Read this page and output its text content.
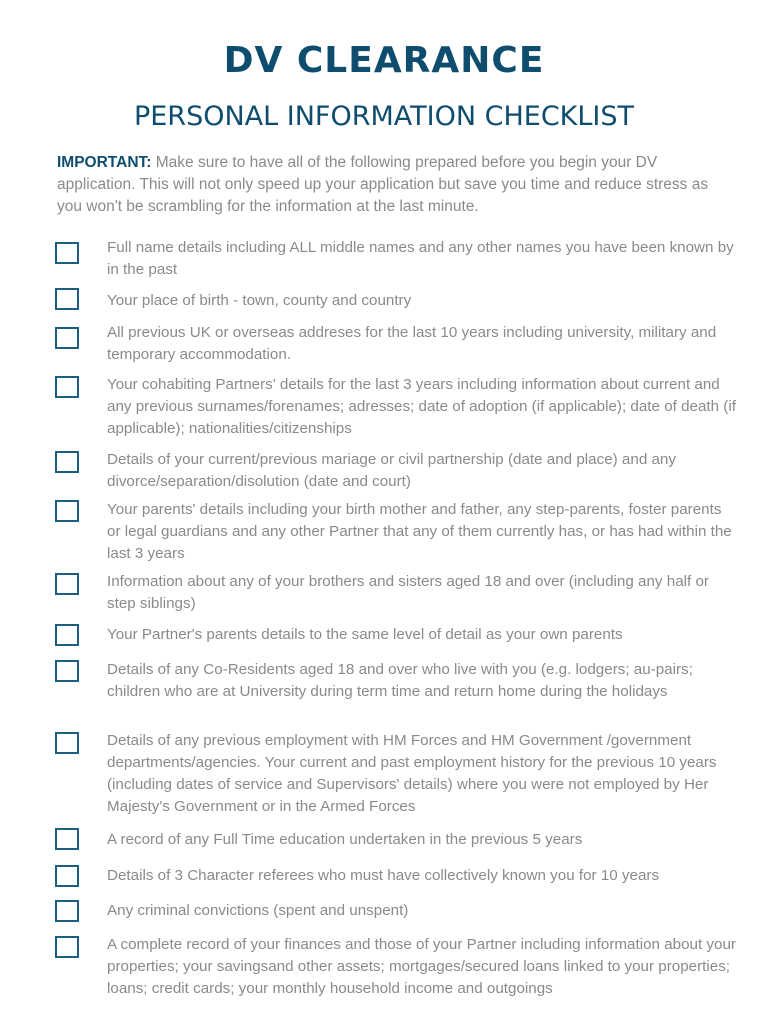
DV CLEARANCE
PERSONAL INFORMATION CHECKLIST
IMPORTANT: Make sure to have all of the following prepared before you begin your DV application. This will not only speed up your application but save you time and reduce stress as you won't be scrambling for the information at the last minute.
Full name details including ALL middle names and any other names you have been known by in the past
Your place of birth - town, county and country
All previous UK or overseas addreses for the last 10 years including university, military and temporary accommodation.
Your cohabiting Partners' details for the last 3 years including information about current and any previous surnames/forenames; adresses; date of adoption (if applicable); date of death (if applicable); nationalities/citizenships
Details of your current/previous mariage or civil partnership (date and place) and any divorce/separation/disolution (date and court)
Your parents' details including your birth mother and father, any step-parents, foster parents or legal guardians and any other Partner that any of them currently has, or has had within the last 3 years
Information about any of your brothers and sisters aged 18 and over (including any half or step siblings)
Your Partner's parents details to the same level of detail as your own parents
Details of any Co-Residents aged 18 and over who live with you (e.g. lodgers; au-pairs; children who are at University during term time and return home during the holidays
Details of any previous employment with HM Forces and HM Government /government departments/agencies. Your current and past employment history for the previous 10 years (including dates of service and Supervisors' details) where you were not employed by Her Majesty's Government or in the Armed Forces
A record of any Full Time education undertaken in the previous 5 years
Details of 3 Character referees who must have collectively known you for 10 years
Any criminal convictions (spent and unspent)
A complete record of your finances and those of your Partner including information about your properties; your savingsand other assets; mortgages/secured loans linked to your properties; loans; credit cards; your monthly household income and outgoings
